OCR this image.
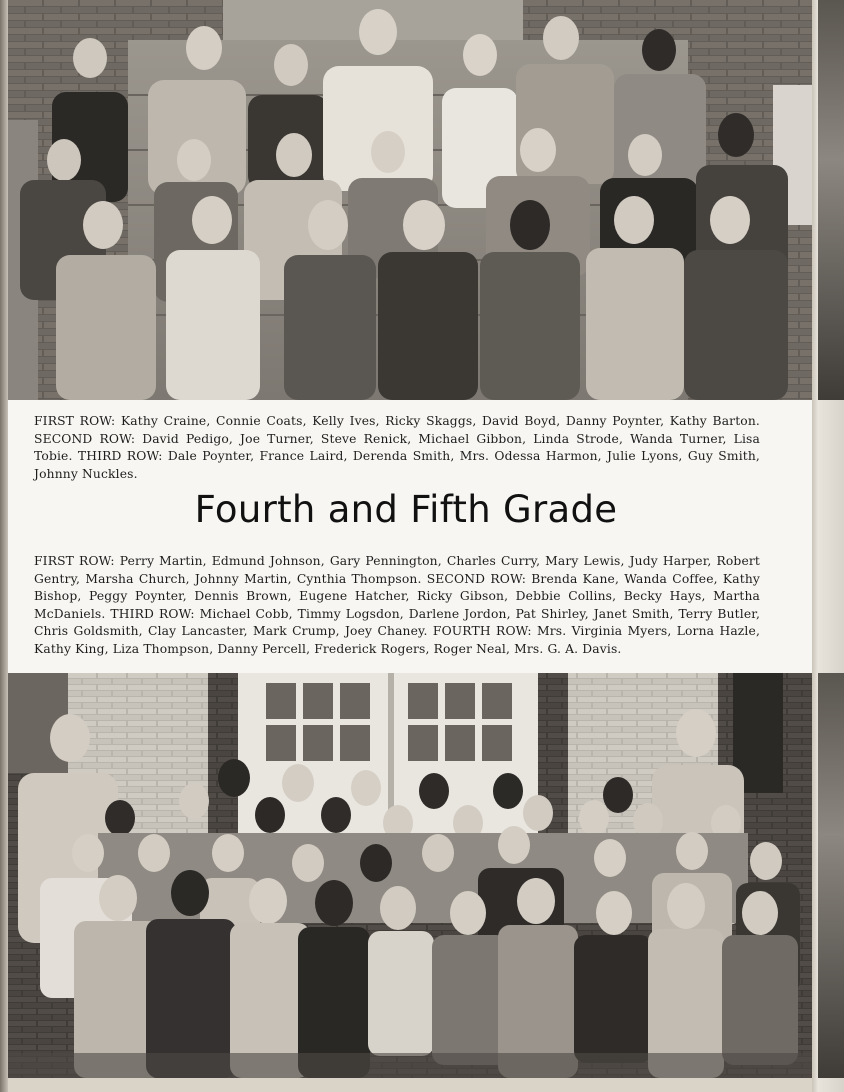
FIRST ROW: Kathy Craine, Connie Coats, Kelly Ives, Ricky Skaggs, David Boyd, Danny Poynter, Kathy Barton. SECOND ROW: David Pedigo, Joe Turner, Steve Renick, Michael Gibbon, Linda Strode, Wanda Turner, Lisa Tobie. THIRD ROW: Dale Poynter, France Laird, Derenda Smith, Mrs. Odessa Harmon, Julie Lyons, Guy Smith, Johnny Nuckles.

Fourth and Fifth Grade

FIRST ROW: Perry Martin, Edmund Johnson, Gary Pennington, Charles Curry, Mary Lewis, Judy Harper, Robert Gentry, Marsha Church, Johnny Martin, Cynthia Thompson. SECOND ROW: Brenda Kane, Wanda Coffee, Kathy Bishop, Peggy Poynter, Dennis Brown, Eugene Hatcher, Ricky Gibson, Debbie Collins, Becky Hays, Martha McDaniels. THIRD ROW: Michael Cobb, Timmy Logsdon, Darlene Jordon, Pat Shirley, Janet Smith, Terry Butler, Chris Goldsmith, Clay Lancaster, Mark Crump, Joey Chaney. FOURTH ROW: Mrs. Virginia Myers, Lorna Hazle, Kathy King, Liza Thompson, Danny Percell, Frederick Rogers, Roger Neal, Mrs. G. A. Davis.
